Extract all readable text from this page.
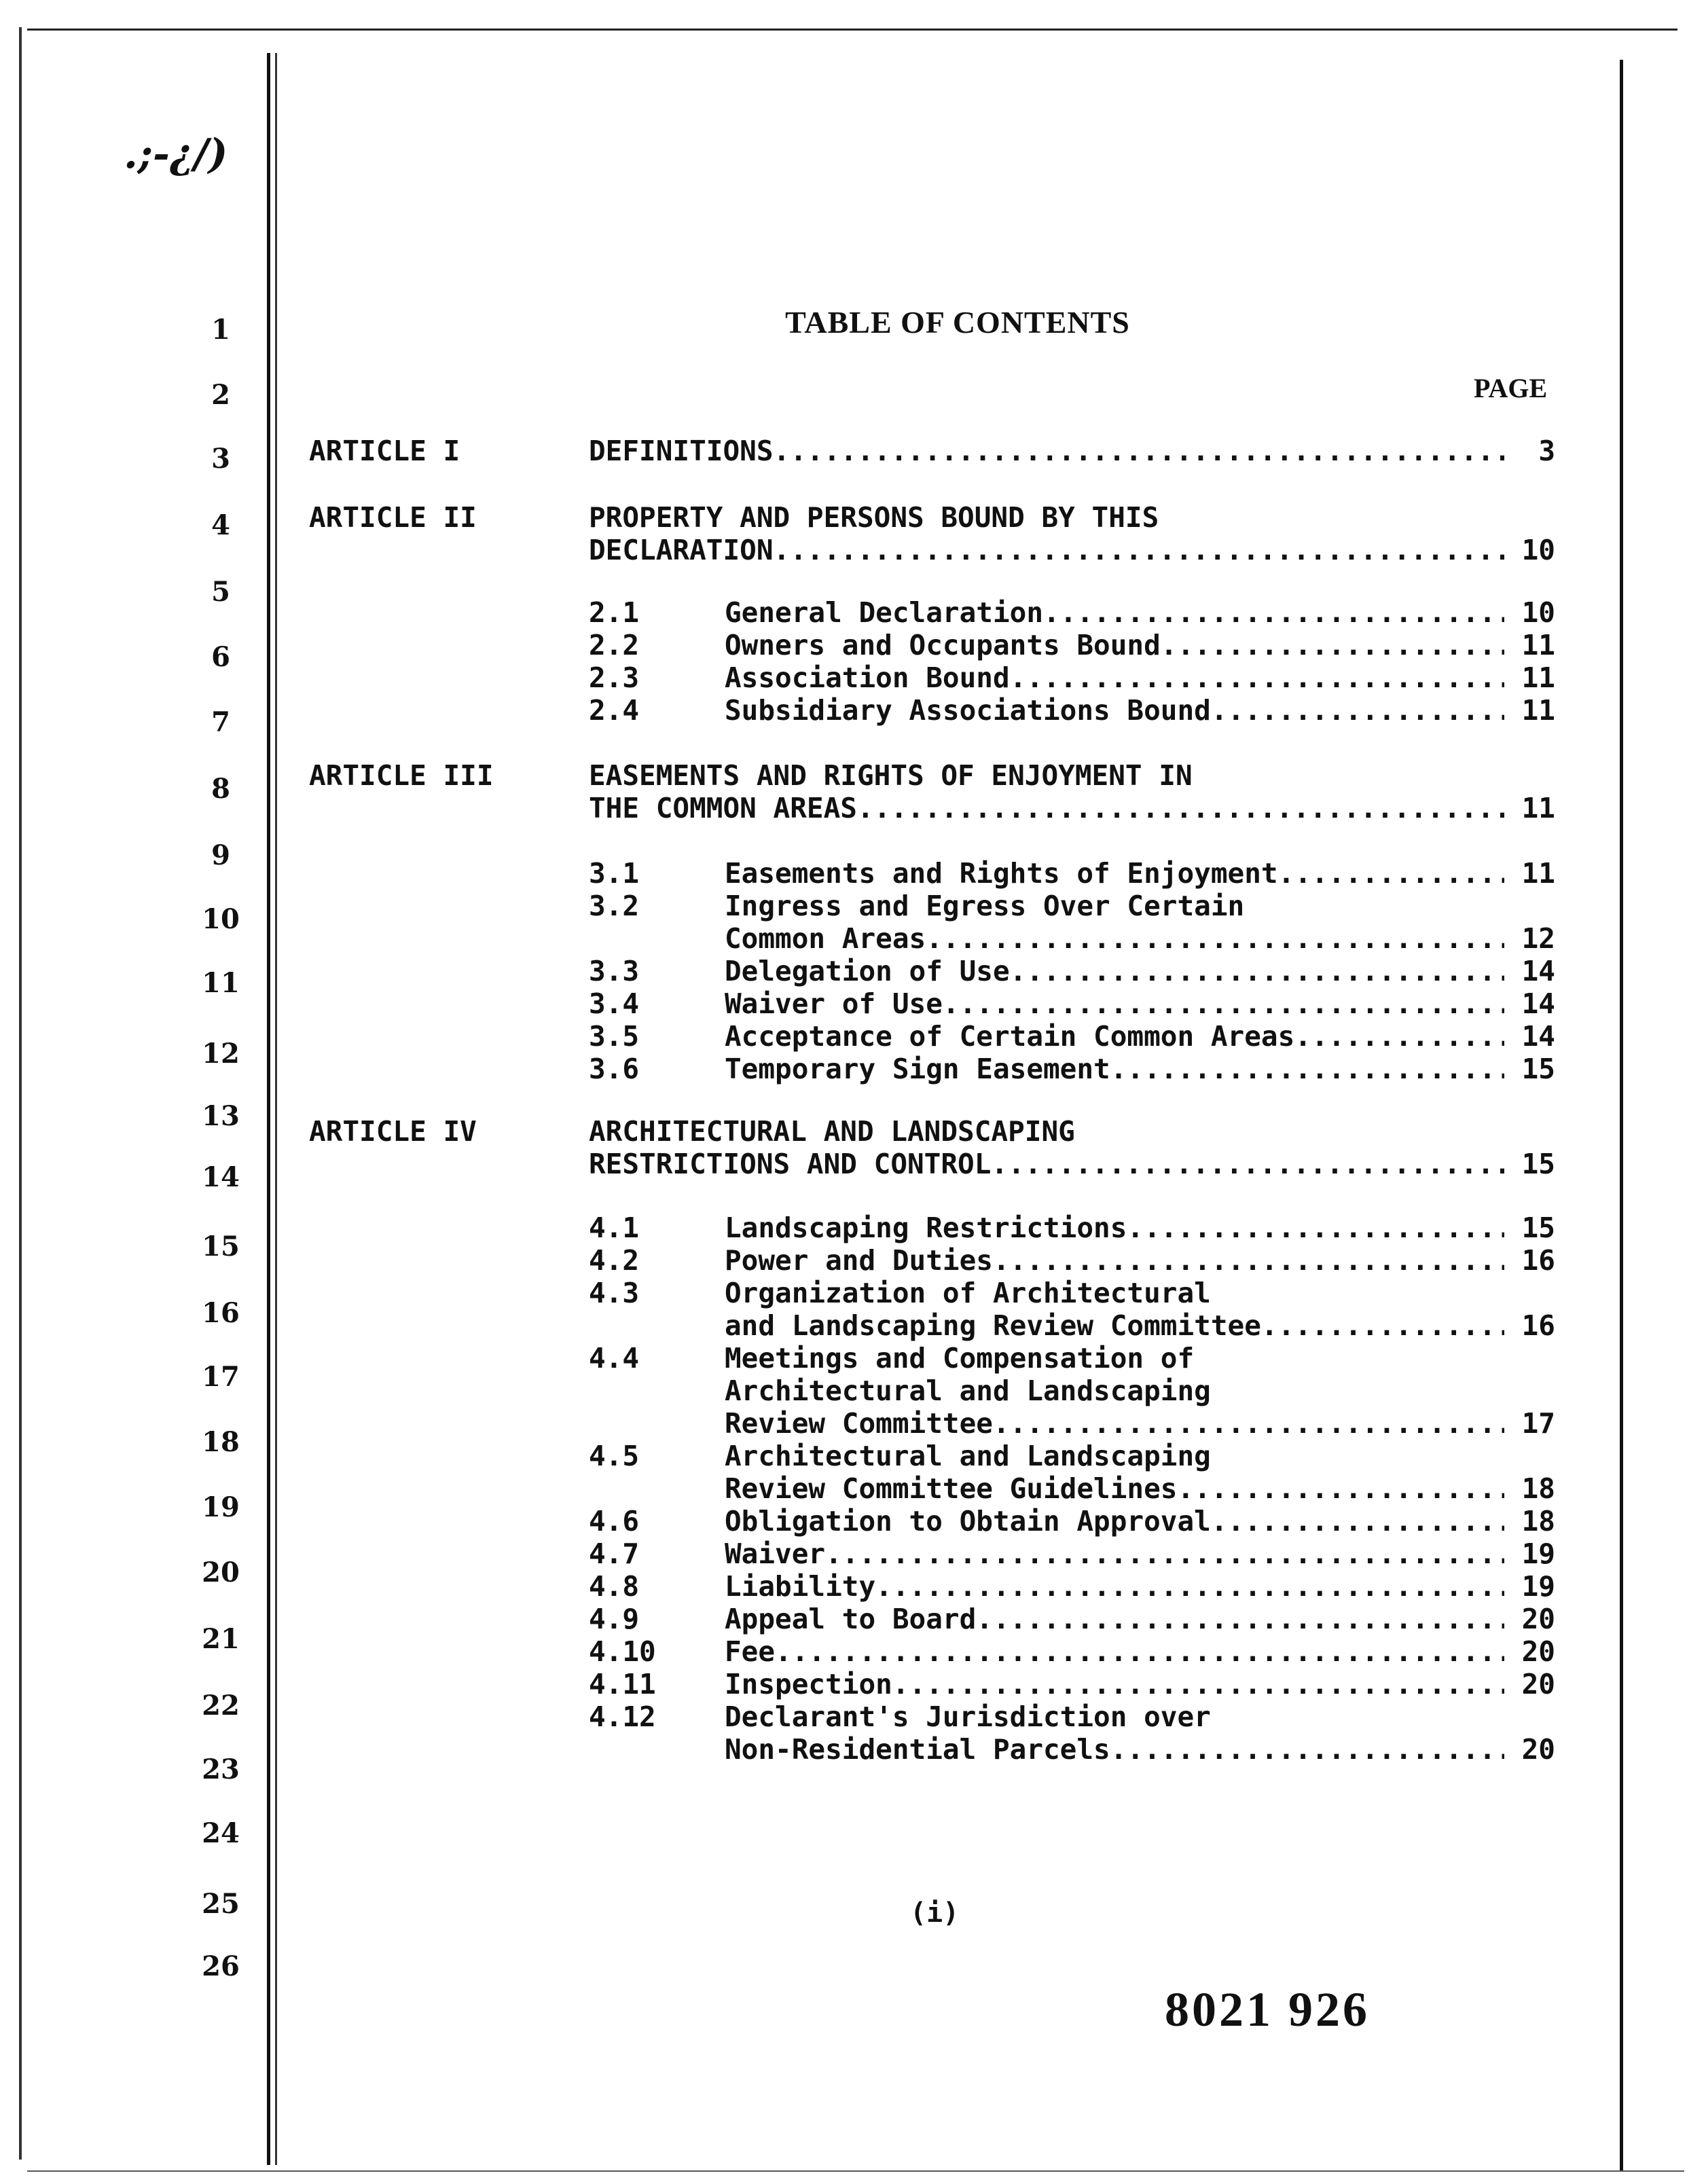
.;-¿/)
1
2
3
4
5
6
7
8
9
10
11
12
13
14
15
16
17
18
19
20
21
22
23
24
25
26
TABLE OF CONTENTS
PAGE
ARTICLE I	DEFINITIONS .....	3
ARTICLE II	PROPERTY AND PERSONS BOUND BY THIS
DECLARATION .....	10
2.1	General Declaration .....	10
2.2	Owners and Occupants Bound .....	11
2.3	Association Bound .....	11
2.4	Subsidiary Associations Bound .....	11
ARTICLE III	EASEMENTS AND RIGHTS OF ENJOYMENT IN
THE COMMON AREAS .....	11
3.1	Easements and Rights of Enjoyment .....	11
3.2	Ingress and Egress Over Certain
Common Areas .....	12
3.3	Delegation of Use .....	14
3.4	Waiver of Use .....	14
3.5	Acceptance of Certain Common Areas .....	14
3.6	Temporary Sign Easement .....	15
ARTICLE IV	ARCHITECTURAL AND LANDSCAPING
RESTRICTIONS AND CONTROL .....	15
4.1	Landscaping Restrictions .....	15
4.2	Power and Duties .....	16
4.3	Organization of Architectural
and Landscaping Review Committee .....	16
4.4	Meetings and Compensation of
Architectural and Landscaping
Review Committee .....	17
4.5	Architectural and Landscaping
Review Committee Guidelines .....	18
4.6	Obligation to Obtain Approval .....	18
4.7	Waiver .....	19
4.8	Liability .....	19
4.9	Appeal to Board .....	20
4.10 Fee .....	20
4.11 Inspection .....	20
4.12 Declarant's Jurisdiction over
Non-Residential Parcels .....	20
(i)
8021 926
